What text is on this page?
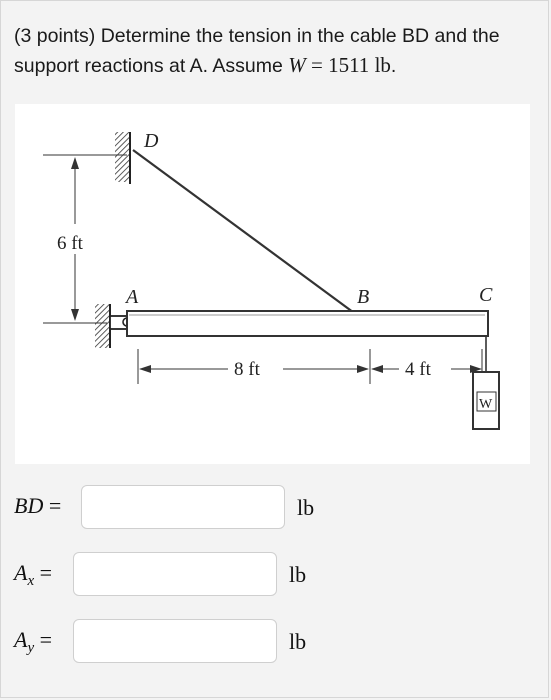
(3 points) Determine the tension in the cable BD and the support reactions at A. Assume W = 1511 lb.
6 ft
W
D
A	B	C
8 ft	4 ft
BD =	lb
$A_x$ =	lb
$A_y$ =	lb
